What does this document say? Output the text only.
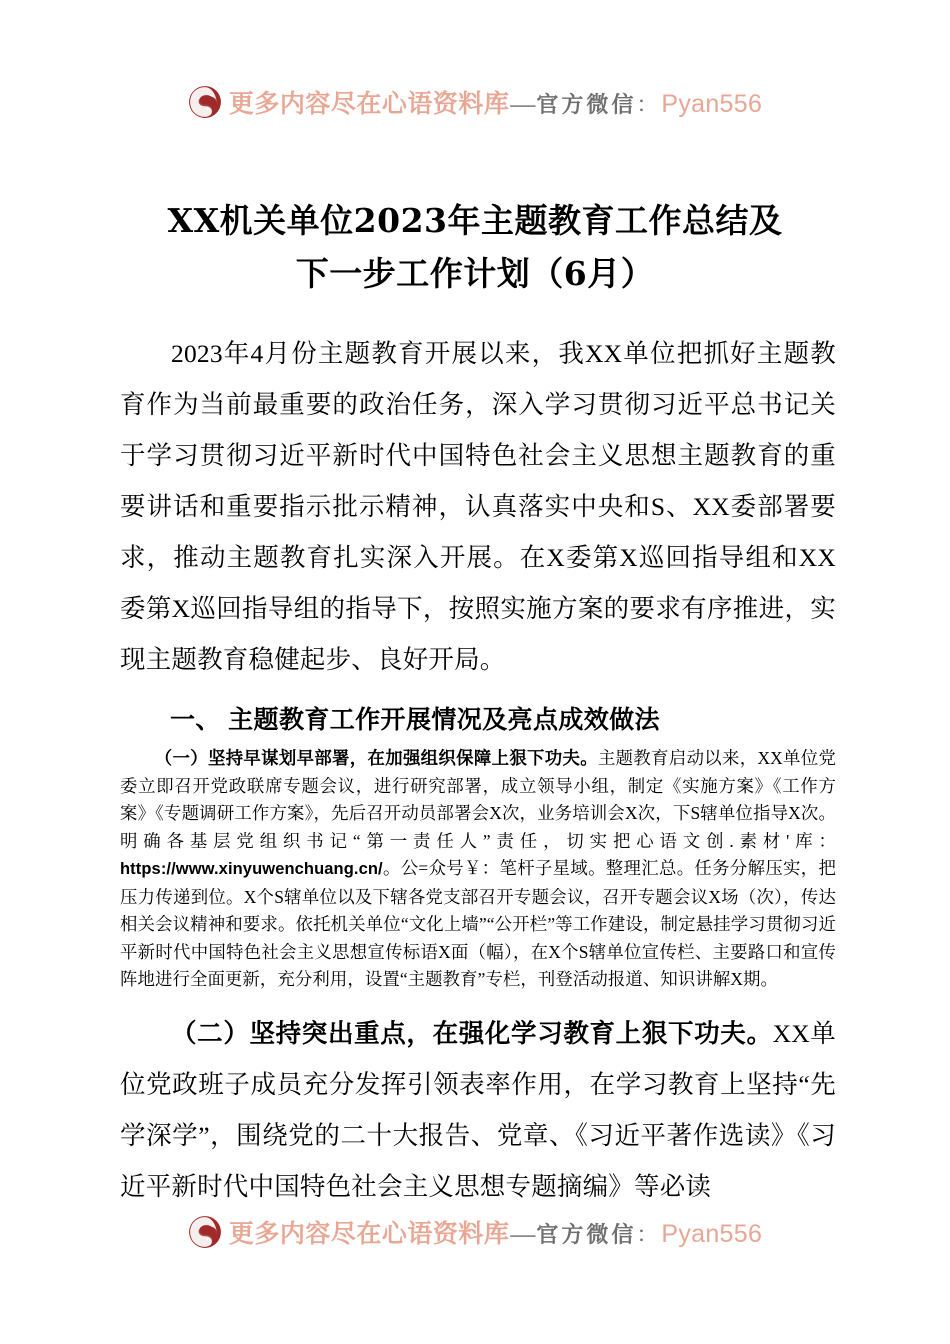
更多内容尽在心语资料库 — 官方微信 ： Pyan556
XX机关单位2023年主题教育工作总结及
下一步工作计划（6月）

2023年4月份主题教育开展以来，我XX单位把抓好主题教育作为当前最重要的政治任务，深入学习贯彻习近平总书记关于学习贯彻习近平新时代中国特色社会主义思想主题教育的重要讲话和重要指示批示精神，认真落实中央和S、XX委部署要求，推动主题教育扎实深入开展。在X委第X巡回指导组和XX委第X巡回指导组的指导下，按照实施方案的要求有序推进，实现主题教育稳健起步、良好开局。

一、 主题教育工作开展情况及亮点成效做法

（一）坚持早谋划早部署，在加强组织保障上狠下功夫。主题教育启动以来，XX单位党委立即召开党政联席专题会议，进行研究部署，成立领导小组，制定《实施方案》《工作方案》《专题调研工作方案》，先后召开动员部署会X次，业务培训会X次，下S辖单位指导X次。明确各基层党组织书记“第一责任人”责任，切实把心语文创.素材'库：https://www.xinyuwenchuang.cn/。公=众号￥：笔杆子星域。整理汇总。任务分解压实，把压力传递到位。X个S辖单位以及下辖各党支部召开专题会议，召开专题会议X场（次），传达相关会议精神和要求。依托机关单位“文化上墙”“公开栏”等工作建设，制定悬挂学习贯彻习近平新时代中国特色社会主义思想宣传标语X面（幅），在X个S辖单位宣传栏、主要路口和宣传阵地进行全面更新，充分利用，设置“主题教育”专栏，刊登活动报道、知识讲解X期。

（二）坚持突出重点，在强化学习教育上狠下功夫。XX单位党政班子成员充分发挥引领表率作用，在学习教育上坚持“先学深学”，围绕党的二十大报告、党章、《习近平著作选读》《习近平新时代中国特色社会主义思想专题摘编》等必读

更多内容尽在心语资料库 — 官方微信 ： Pyan556
